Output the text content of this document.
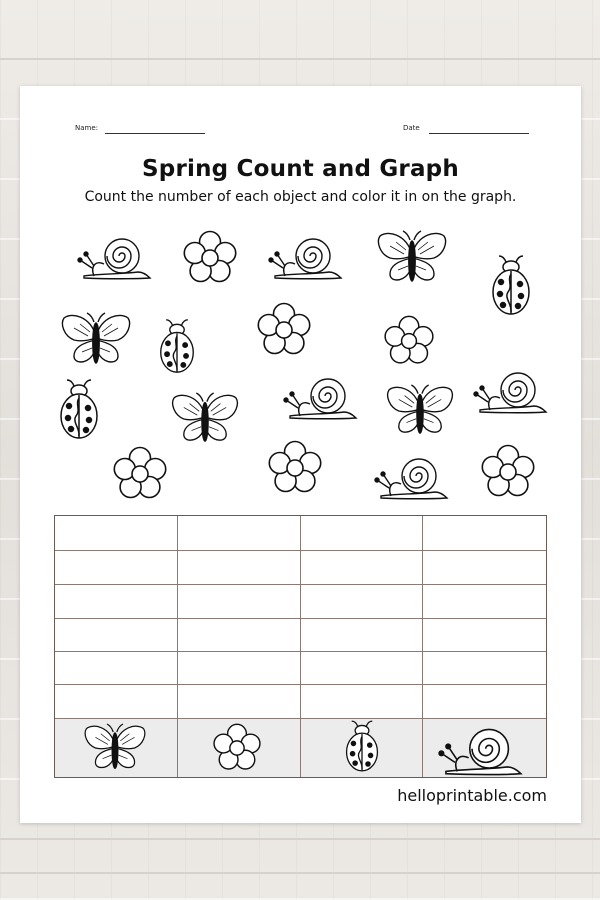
Name:	Date
Spring Count and Graph
Count the number of each object and color it in on the graph.
helloprintable.com
